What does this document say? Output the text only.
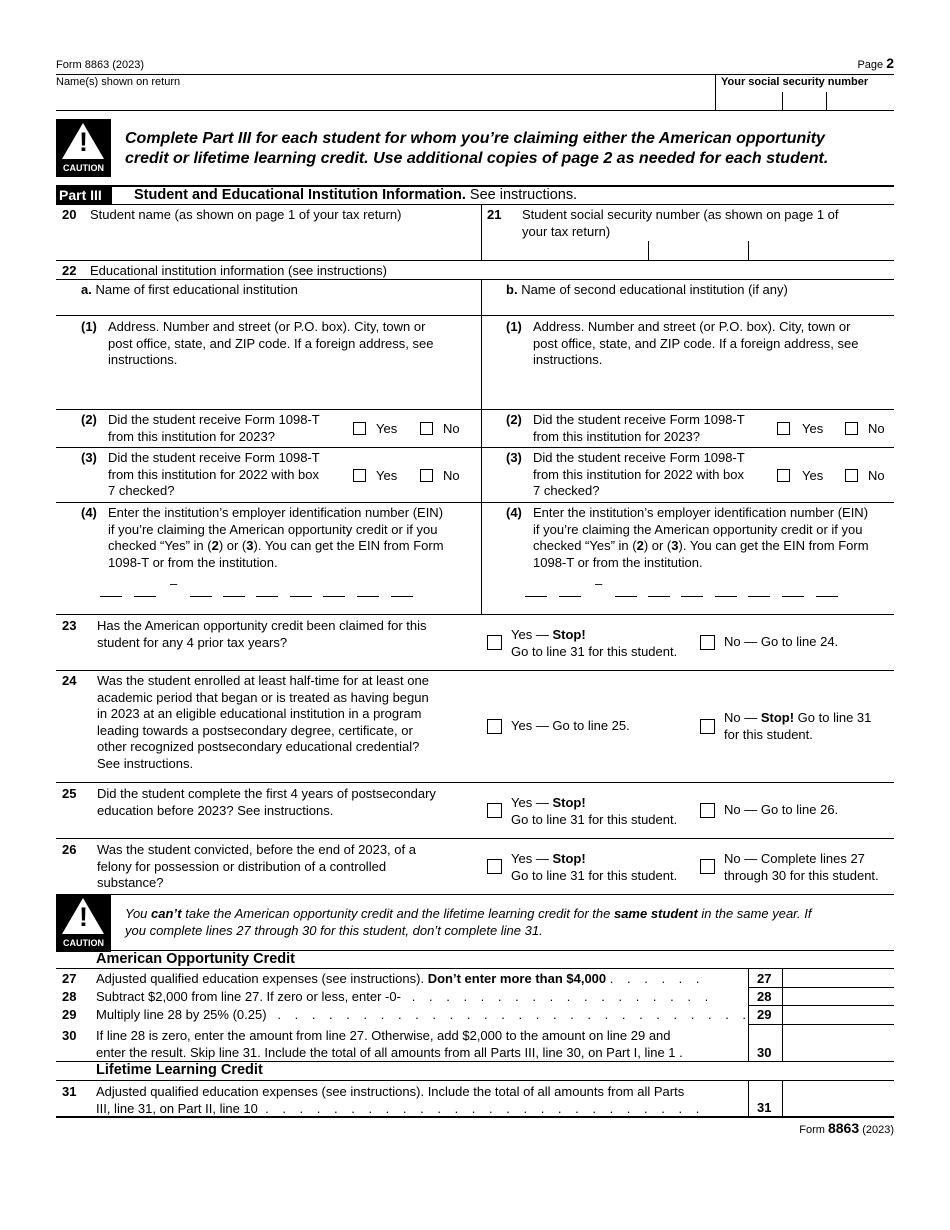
Form 8863 (2023)	Page 2
Name(s) shown on return	Your social security number
!
CAUTION
Complete Part III for each student for whom you’re claiming either the American opportunity
credit or lifetime learning credit. Use additional copies of page 2 as needed for each student.
Part III	Student and Educational Institution Information. See instructions.
20 Student name (as shown on page 1 of your tax return)	21 Student social security number (as shown on page 1 of
your tax return)
22 Educational institution information (see instructions)
a. Name of first educational institution	b. Name of second educational institution (if any)
(1) Address. Number and street (or P.O. box). City, town or
post office, state, and ZIP code. If a foreign address, see
instructions.
(1) Address. Number and street (or P.O. box). City, town or
post office, state, and ZIP code. If a foreign address, see
instructions.
(2) Did the student receive Form 1098-T
from this institution for 2023?	Yes	No
(2) Did the student receive Form 1098-T
from this institution for 2023?	Yes	No
(3) Did the student receive Form 1098-T
from this institution for 2022 with box
7 checked?
Yes	No
(3) Did the student receive Form 1098-T
from this institution for 2022 with box
7 checked?
Yes	No
(4) Enter the institution’s employer identification number (EIN)
if you’re claiming the American opportunity credit or if you
checked “Yes” in (2) or (3). You can get the EIN from Form
1098-T or from the institution.
–
(4) Enter the institution’s employer identification number (EIN)
if you’re claiming the American opportunity credit or if you
checked “Yes” in (2) or (3). You can get the EIN from Form
1098-T or from the institution.
–
23 Has the American opportunity credit been claimed for this
student for any 4 prior tax years?	Yes — Stop!
Go to line 31 for this student.
No — Go to line 24.
24 Was the student enrolled at least half-time for at least one
academic period that began or is treated as having begun
in 2023 at an eligible educational institution in a program
leading towards a postsecondary degree, certificate, or
other recognized postsecondary educational credential?
See instructions.
Yes — Go to line 25.
No — Stop! Go to line 31
for this student.
25 Did the student complete the first 4 years of postsecondary
education before 2023? See instructions.	Yes — Stop!
Go to line 31 for this student.
No — Go to line 26.
26 Was the student convicted, before the end of 2023, of a
felony for possession or distribution of a controlled
substance?
Yes — Stop!
Go to line 31 for this student.
No — Complete lines 27
through 30 for this student.
!
CAUTION
You can’t take the American opportunity credit and the lifetime learning credit for the same student in the same year. If
you complete lines 27 through 30 for this student, don’t complete line 31.
American Opportunity Credit
27 Adjusted qualified education expenses (see instructions). Don’t enter more than $4,000 . . . . . .	27
28 Subtract $2,000 from line 27. If zero or less, enter -0- . . . . . . . . . . . . . . . . . .	28
29 Multiply line 28 by 25% (0.25) . . . . . . . . . . . . . . . . . . . . . . . . . . . . 29
30 If line 28 is zero, enter the amount from line 27. Otherwise, add $2,000 to the amount on line 29 and
enter the result. Skip line 31. Include the total of all amounts from all Parts III, line 30, on Part I, line 1 .	30
Lifetime Learning Credit
31 Adjusted qualified education expenses (see instructions). Include the total of all amounts from all Parts
III, line 31, on Part II, line 10 . . . . . . . . . . . . . . . . . . . . . . . . . .	31
Form 8863 (2023)
